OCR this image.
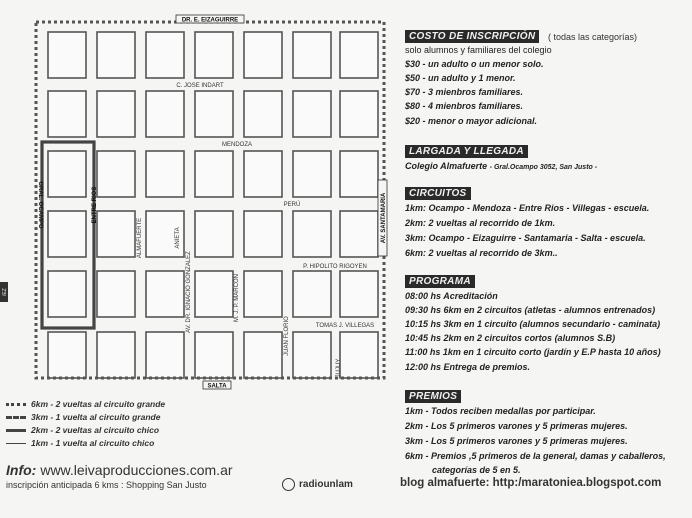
DR. E. EIZAGUIRRE
C. JOSE INDART
MENDOZA
PERÚ
P. HIPOLITO RIGOYEN
TOMAS J. VILLEGAS
SALTA
GRAL. OCAMPO	ENTRE RIOS
ALMAFUERTE	ANIETA
AV. DR. IGNACIO GONZALEZ	M. J. P. MARCON
JUAN FLORIO
JUJUY
AV. SANTAMARIA
iEZ
6km - 2 vueltas al circuito grande
3km - 1 vuelta al circuito grande
2km - 2 vueltas al circuito chico
1km - 1 vuelta al circuito chico
Info: www.leivaproducciones.com.ar
inscripción anticipada 6 kms : Shopping San Justo	radiounlam
COSTO DE INSCRIPCIÓN	( todas las categorías)
solo alumnos y familiares del colegio
$30 - un adulto o un menor solo.
$50 - un adulto y 1 menor.
$70 - 3 mienbros familiares.
$80 - 4 mienbros familiares.
$20 - menor o mayor adicional.
LARGADA Y LLEGADA
Colegio Almafuerte - Gral.Ocampo 3052, San Justo -
CIRCUITOS
1km: Ocampo - Mendoza - Entre Rios - Villegas - escuela.
2km: 2 vueltas al recorrido de 1km.
3km: Ocampo - Eizaguirre - Santamaria - Salta - escuela.
6km: 2 vueltas al recorrido de 3km..
PROGRAMA
08:00 hs Acreditación
09:30 hs 6km en 2 circuitos (atletas - alumnos entrenados)
10:15 hs 3km en 1 circuito (alumnos secundario - caminata)
10:45 hs 2km en 2 circuitos cortos (alumnos S.B)
11:00 hs 1km en 1 circuito corto (jardín y E.P hasta 10 años)
12:00 hs Entrega de premios.
PREMIOS
1km - Todos reciben medallas por participar.
2km - Los 5 primeros varones y 5 primeras mujeres.
3km - Los 5 primeros varones y 5 primeras mujeres.
6km - Premios ,5 primeros de la general, damas y caballeros,
categorías de 5 en 5.
blog almafuerte: http:/maratoniea.blogspot.com
